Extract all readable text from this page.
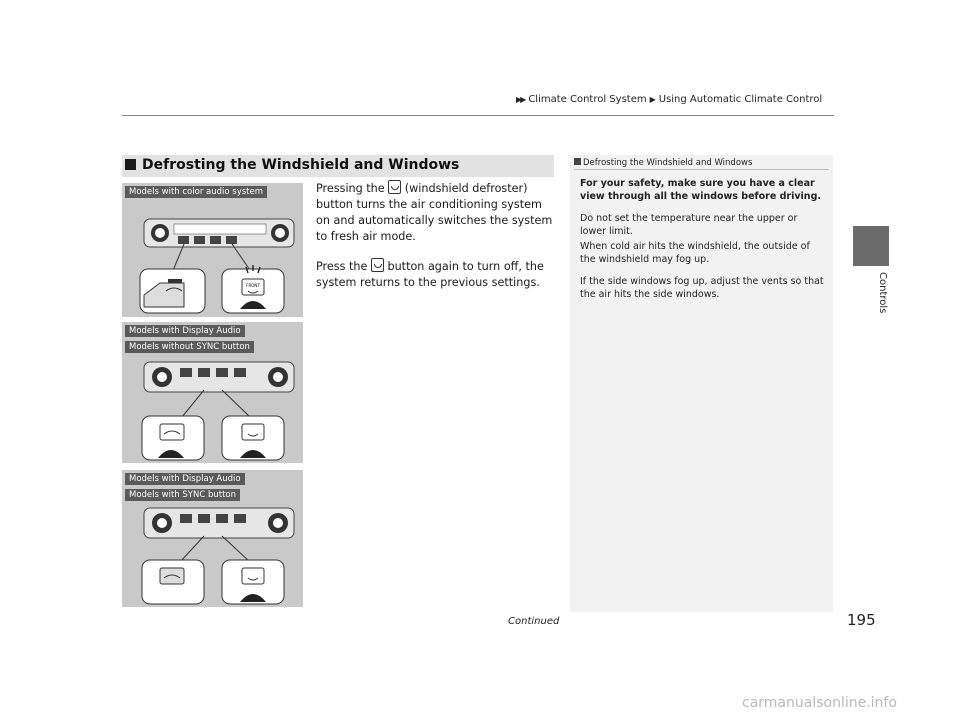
▶▶ Climate Control System ▶ Using Automatic Climate Control
Controls
Defrosting the Windshield and Windows
Models with color audio system
FRONT
Models with Display Audio
Models without SYNC button
Models with Display Audio
Models with SYNC button

Pressing the (windshield defroster) button turns the air conditioning system on and automatically switches the system to fresh air mode.

Press the button again to turn off, the system returns to the previous settings.

Defrosting the Windshield and Windows

For your safety, make sure you have a clear view through all the windows before driving.

Do not set the temperature near the upper or lower limit.

When cold air hits the windshield, the outside of the windshield may fog up.

If the side windows fog up, adjust the vents so that the air hits the side windows.

Continued	195
carmanualsonline.info
